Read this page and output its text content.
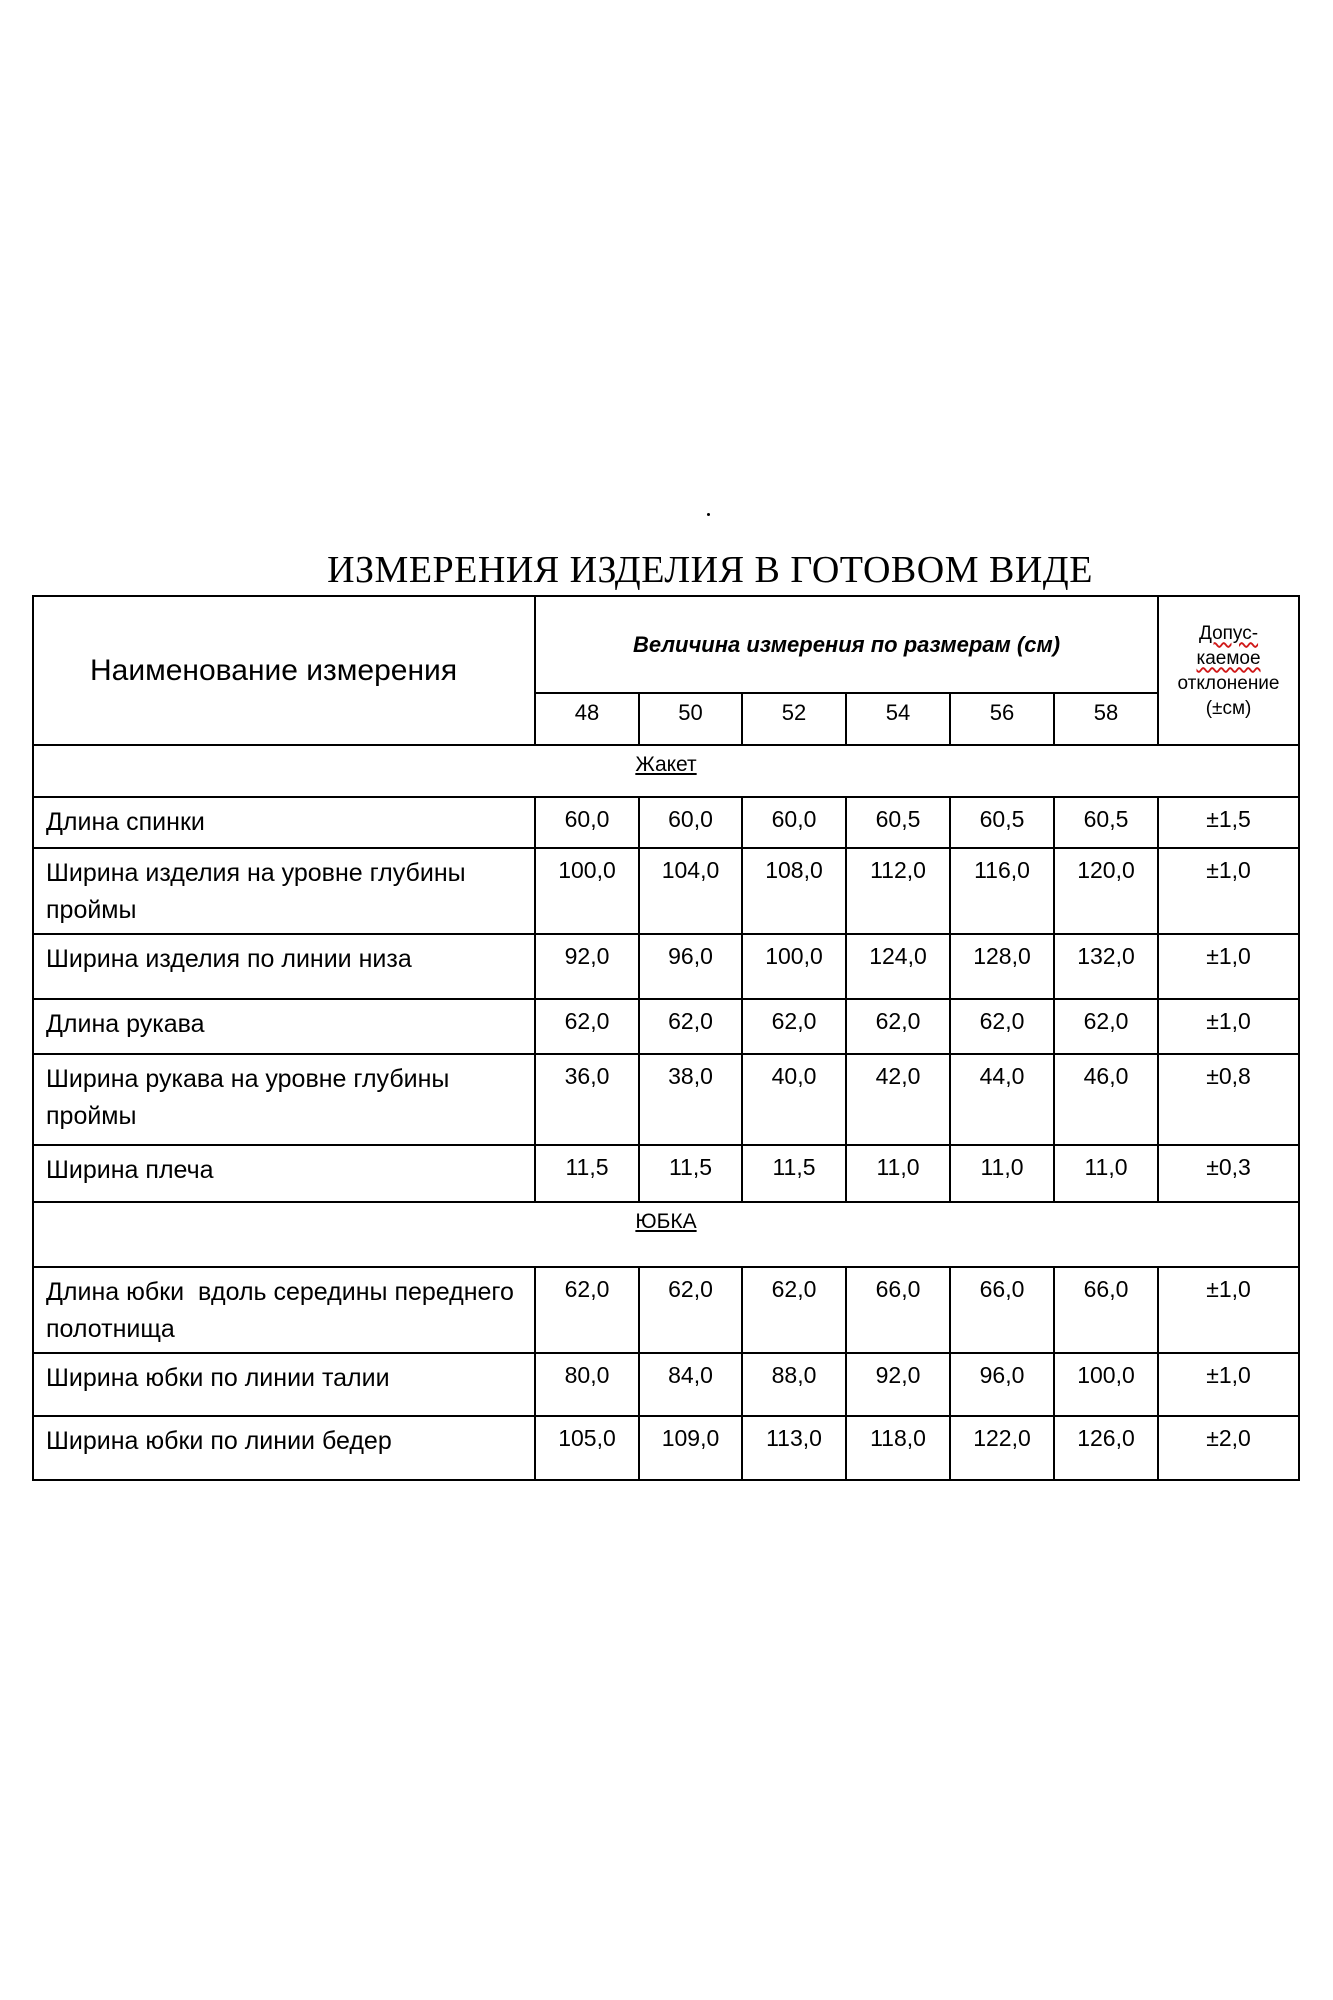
ИЗМЕРЕНИЯ ИЗДЕЛИЯ В ГОТОВОМ ВИДЕ
Наименование измерения	Величина измерения по размерам (см)						Допус-
каемое
отклонение
(±см)
	48	50	52	54	56	58	
Жакет							
Длина спинки	60,0	60,0	60,0	60,5	60,5	60,5	±1,5
Ширина изделия на уровне глубины проймы	100,0	104,0	108,0	112,0	116,0	120,0	±1,0
Ширина изделия по линии низа	92,0	96,0	100,0	124,0	128,0	132,0	±1,0
Длина рукава	62,0	62,0	62,0	62,0	62,0	62,0	±1,0
Ширина рукава на уровне глубины проймы	36,0	38,0	40,0	42,0	44,0	46,0	±0,8
Ширина плеча	11,5	11,5	11,5	11,0	11,0	11,0	±0,3
ЮБКА							
Длина юбки  вдоль середины переднего полотнища	62,0	62,0	62,0	66,0	66,0	66,0	±1,0
Ширина юбки по линии талии	80,0	84,0	88,0	92,0	96,0	100,0	±1,0
Ширина юбки по линии бедер	105,0	109,0	113,0	118,0	122,0	126,0	±2,0
